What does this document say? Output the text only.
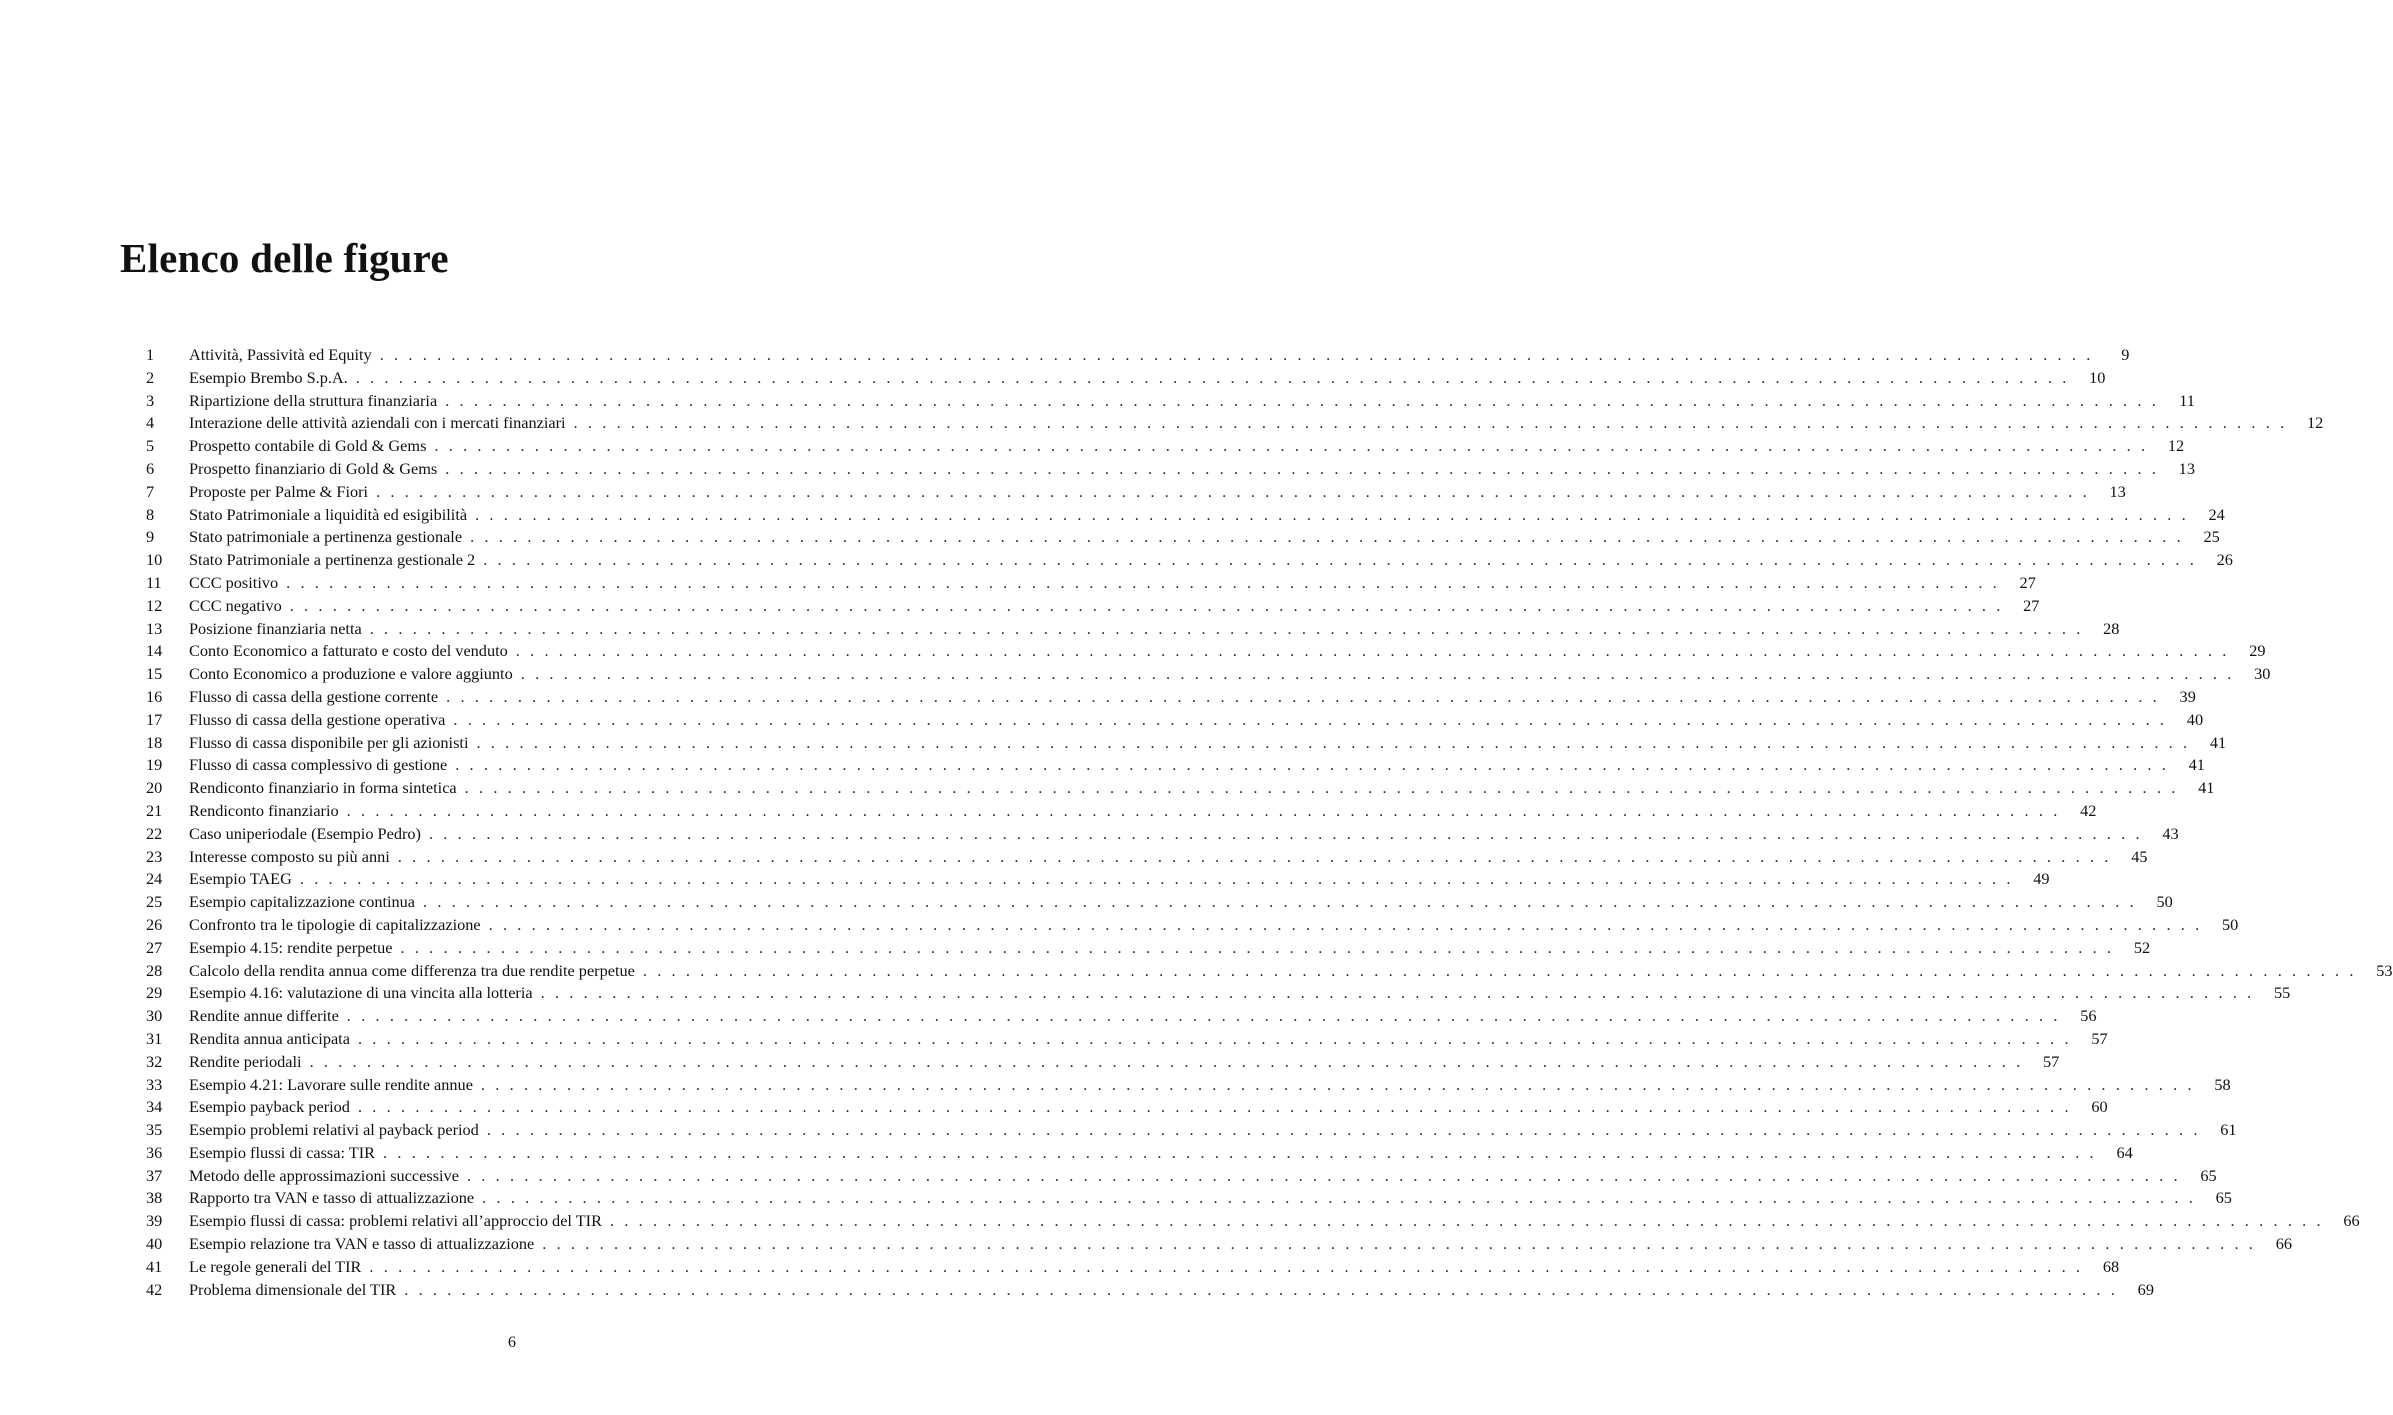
Elenco delle figure
1	Attività, Passività ed Equity . . . . . . . . . . . . . . . . . . . . . . . . . . . . . . . . . . . . . . . . . . . . . . . . . . . . . . . . . . . . . . . . . . . . . . . . . . . . . . . . . . . . . . . . . . . . . . . . . . . . . . . . . . . . . . . . . . . . . . . .	9
2	Esempio Brembo S.p.A. . . . . . . . . . . . . . . . . . . . . . . . . . . . . . . . . . . . . . . . . . . . . . . . . . . . . . . . . . . . . . . . . . . . . . . . . . . . . . . . . . . . . . . . . . . . . . . . . . . . . . . . . . . . . . . . . . . . . . . . .	10
3	Ripartizione della struttura finanziaria . . . . . . . . . . . . . . . . . . . . . . . . . . . . . . . . . . . . . . . . . . . . . . . . . . . . . . . . . . . . . . . . . . . . . . . . . . . . . . . . . . . . . . . . . . . . . . . . . . . . . . . . . . . . . . . . . . . . . . . .	11
4	Interazione delle attività aziendali con i mercati finanziari . . . . . . . . . . . . . . . . . . . . . . . . . . . . . . . . . . . . . . . . . . . . . . . . . . . . . . . . . . . . . . . . . . . . . . . . . . . . . . . . . . . . . . . . . . . . . . . . . . . . . . . . . . . . . . . . . . . . . . . .	12
5	Prospetto contabile di Gold & Gems . . . . . . . . . . . . . . . . . . . . . . . . . . . . . . . . . . . . . . . . . . . . . . . . . . . . . . . . . . . . . . . . . . . . . . . . . . . . . . . . . . . . . . . . . . . . . . . . . . . . . . . . . . . . . . . . . . . . . . . .	12
6	Prospetto finanziario di Gold & Gems . . . . . . . . . . . . . . . . . . . . . . . . . . . . . . . . . . . . . . . . . . . . . . . . . . . . . . . . . . . . . . . . . . . . . . . . . . . . . . . . . . . . . . . . . . . . . . . . . . . . . . . . . . . . . . . . . . . . . . . .	13
7	Proposte per Palme & Fiori . . . . . . . . . . . . . . . . . . . . . . . . . . . . . . . . . . . . . . . . . . . . . . . . . . . . . . . . . . . . . . . . . . . . . . . . . . . . . . . . . . . . . . . . . . . . . . . . . . . . . . . . . . . . . . . . . . . . . . . .	13
8	Stato Patrimoniale a liquidità ed esigibilità . . . . . . . . . . . . . . . . . . . . . . . . . . . . . . . . . . . . . . . . . . . . . . . . . . . . . . . . . . . . . . . . . . . . . . . . . . . . . . . . . . . . . . . . . . . . . . . . . . . . . . . . . . . . . . . . . . . . . . . .	24
9	Stato patrimoniale a pertinenza gestionale . . . . . . . . . . . . . . . . . . . . . . . . . . . . . . . . . . . . . . . . . . . . . . . . . . . . . . . . . . . . . . . . . . . . . . . . . . . . . . . . . . . . . . . . . . . . . . . . . . . . . . . . . . . . . . . . . . . . . . . .	25
10	Stato Patrimoniale a pertinenza gestionale 2 . . . . . . . . . . . . . . . . . . . . . . . . . . . . . . . . . . . . . . . . . . . . . . . . . . . . . . . . . . . . . . . . . . . . . . . . . . . . . . . . . . . . . . . . . . . . . . . . . . . . . . . . . . . . . . . . . . . . . . . .	26
11	CCC positivo . . . . . . . . . . . . . . . . . . . . . . . . . . . . . . . . . . . . . . . . . . . . . . . . . . . . . . . . . . . . . . . . . . . . . . . . . . . . . . . . . . . . . . . . . . . . . . . . . . . . . . . . . . . . . . . . . . . . . . . .	27
12	CCC negativo . . . . . . . . . . . . . . . . . . . . . . . . . . . . . . . . . . . . . . . . . . . . . . . . . . . . . . . . . . . . . . . . . . . . . . . . . . . . . . . . . . . . . . . . . . . . . . . . . . . . . . . . . . . . . . . . . . . . . . . .	27
13	Posizione finanziaria netta . . . . . . . . . . . . . . . . . . . . . . . . . . . . . . . . . . . . . . . . . . . . . . . . . . . . . . . . . . . . . . . . . . . . . . . . . . . . . . . . . . . . . . . . . . . . . . . . . . . . . . . . . . . . . . . . . . . . . . . .	28
14	Conto Economico a fatturato e costo del venduto . . . . . . . . . . . . . . . . . . . . . . . . . . . . . . . . . . . . . . . . . . . . . . . . . . . . . . . . . . . . . . . . . . . . . . . . . . . . . . . . . . . . . . . . . . . . . . . . . . . . . . . . . . . . . . . . . . . . . . . .	29
15	Conto Economico a produzione e valore aggiunto . . . . . . . . . . . . . . . . . . . . . . . . . . . . . . . . . . . . . . . . . . . . . . . . . . . . . . . . . . . . . . . . . . . . . . . . . . . . . . . . . . . . . . . . . . . . . . . . . . . . . . . . . . . . . . . . . . . . . . . .	30
16	Flusso di cassa della gestione corrente . . . . . . . . . . . . . . . . . . . . . . . . . . . . . . . . . . . . . . . . . . . . . . . . . . . . . . . . . . . . . . . . . . . . . . . . . . . . . . . . . . . . . . . . . . . . . . . . . . . . . . . . . . . . . . . . . . . . . . . .	39
17	Flusso di cassa della gestione operativa . . . . . . . . . . . . . . . . . . . . . . . . . . . . . . . . . . . . . . . . . . . . . . . . . . . . . . . . . . . . . . . . . . . . . . . . . . . . . . . . . . . . . . . . . . . . . . . . . . . . . . . . . . . . . . . . . . . . . . . .	40
18	Flusso di cassa disponibile per gli azionisti . . . . . . . . . . . . . . . . . . . . . . . . . . . . . . . . . . . . . . . . . . . . . . . . . . . . . . . . . . . . . . . . . . . . . . . . . . . . . . . . . . . . . . . . . . . . . . . . . . . . . . . . . . . . . . . . . . . . . . . .	41
19	Flusso di cassa complessivo di gestione . . . . . . . . . . . . . . . . . . . . . . . . . . . . . . . . . . . . . . . . . . . . . . . . . . . . . . . . . . . . . . . . . . . . . . . . . . . . . . . . . . . . . . . . . . . . . . . . . . . . . . . . . . . . . . . . . . . . . . . .	41
20	Rendiconto finanziario in forma sintetica . . . . . . . . . . . . . . . . . . . . . . . . . . . . . . . . . . . . . . . . . . . . . . . . . . . . . . . . . . . . . . . . . . . . . . . . . . . . . . . . . . . . . . . . . . . . . . . . . . . . . . . . . . . . . . . . . . . . . . . .	41
21	Rendiconto finanziario . . . . . . . . . . . . . . . . . . . . . . . . . . . . . . . . . . . . . . . . . . . . . . . . . . . . . . . . . . . . . . . . . . . . . . . . . . . . . . . . . . . . . . . . . . . . . . . . . . . . . . . . . . . . . . . . . . . . . . . .	42
22	Caso uniperiodale (Esempio Pedro) . . . . . . . . . . . . . . . . . . . . . . . . . . . . . . . . . . . . . . . . . . . . . . . . . . . . . . . . . . . . . . . . . . . . . . . . . . . . . . . . . . . . . . . . . . . . . . . . . . . . . . . . . . . . . . . . . . . . . . . .	43
23	Interesse composto su più anni . . . . . . . . . . . . . . . . . . . . . . . . . . . . . . . . . . . . . . . . . . . . . . . . . . . . . . . . . . . . . . . . . . . . . . . . . . . . . . . . . . . . . . . . . . . . . . . . . . . . . . . . . . . . . . . . . . . . . . . .	45
24	Esempio TAEG . . . . . . . . . . . . . . . . . . . . . . . . . . . . . . . . . . . . . . . . . . . . . . . . . . . . . . . . . . . . . . . . . . . . . . . . . . . . . . . . . . . . . . . . . . . . . . . . . . . . . . . . . . . . . . . . . . . . . . . .	49
25	Esempio capitalizzazione continua . . . . . . . . . . . . . . . . . . . . . . . . . . . . . . . . . . . . . . . . . . . . . . . . . . . . . . . . . . . . . . . . . . . . . . . . . . . . . . . . . . . . . . . . . . . . . . . . . . . . . . . . . . . . . . . . . . . . . . . .	50
26	Confronto tra le tipologie di capitalizzazione . . . . . . . . . . . . . . . . . . . . . . . . . . . . . . . . . . . . . . . . . . . . . . . . . . . . . . . . . . . . . . . . . . . . . . . . . . . . . . . . . . . . . . . . . . . . . . . . . . . . . . . . . . . . . . . . . . . . . . . .	50
27	Esempio 4.15: rendite perpetue . . . . . . . . . . . . . . . . . . . . . . . . . . . . . . . . . . . . . . . . . . . . . . . . . . . . . . . . . . . . . . . . . . . . . . . . . . . . . . . . . . . . . . . . . . . . . . . . . . . . . . . . . . . . . . . . . . . . . . . .	52
28	Calcolo della rendita annua come differenza tra due rendite perpetue . . . . . . . . . . . . . . . . . . . . . . . . . . . . . . . . . . . . . . . . . . . . . . . . . . . . . . . . . . . . . . . . . . . . . . . . . . . . . . . . . . . . . . . . . . . . . . . . . . . . . . . . . . . . . . . . . . . . . . . .	53
29	Esempio 4.16: valutazione di una vincita alla lotteria . . . . . . . . . . . . . . . . . . . . . . . . . . . . . . . . . . . . . . . . . . . . . . . . . . . . . . . . . . . . . . . . . . . . . . . . . . . . . . . . . . . . . . . . . . . . . . . . . . . . . . . . . . . . . . . . . . . . . . . .	55
30	Rendite annue differite . . . . . . . . . . . . . . . . . . . . . . . . . . . . . . . . . . . . . . . . . . . . . . . . . . . . . . . . . . . . . . . . . . . . . . . . . . . . . . . . . . . . . . . . . . . . . . . . . . . . . . . . . . . . . . . . . . . . . . . .	56
31	Rendita annua anticipata . . . . . . . . . . . . . . . . . . . . . . . . . . . . . . . . . . . . . . . . . . . . . . . . . . . . . . . . . . . . . . . . . . . . . . . . . . . . . . . . . . . . . . . . . . . . . . . . . . . . . . . . . . . . . . . . . . . . . . . .	57
32	Rendite periodali . . . . . . . . . . . . . . . . . . . . . . . . . . . . . . . . . . . . . . . . . . . . . . . . . . . . . . . . . . . . . . . . . . . . . . . . . . . . . . . . . . . . . . . . . . . . . . . . . . . . . . . . . . . . . . . . . . . . . . . .	57
33	Esempio 4.21: Lavorare sulle rendite annue . . . . . . . . . . . . . . . . . . . . . . . . . . . . . . . . . . . . . . . . . . . . . . . . . . . . . . . . . . . . . . . . . . . . . . . . . . . . . . . . . . . . . . . . . . . . . . . . . . . . . . . . . . . . . . . . . . . . . . . .	58
34	Esempio payback period . . . . . . . . . . . . . . . . . . . . . . . . . . . . . . . . . . . . . . . . . . . . . . . . . . . . . . . . . . . . . . . . . . . . . . . . . . . . . . . . . . . . . . . . . . . . . . . . . . . . . . . . . . . . . . . . . . . . . . . .	60
35	Esempio problemi relativi al payback period . . . . . . . . . . . . . . . . . . . . . . . . . . . . . . . . . . . . . . . . . . . . . . . . . . . . . . . . . . . . . . . . . . . . . . . . . . . . . . . . . . . . . . . . . . . . . . . . . . . . . . . . . . . . . . . . . . . . . . . .	61
36	Esempio flussi di cassa: TIR . . . . . . . . . . . . . . . . . . . . . . . . . . . . . . . . . . . . . . . . . . . . . . . . . . . . . . . . . . . . . . . . . . . . . . . . . . . . . . . . . . . . . . . . . . . . . . . . . . . . . . . . . . . . . . . . . . . . . . . .	64
37	Metodo delle approssimazioni successive . . . . . . . . . . . . . . . . . . . . . . . . . . . . . . . . . . . . . . . . . . . . . . . . . . . . . . . . . . . . . . . . . . . . . . . . . . . . . . . . . . . . . . . . . . . . . . . . . . . . . . . . . . . . . . . . . . . . . . . .	65
38	Rapporto tra VAN e tasso di attualizzazione . . . . . . . . . . . . . . . . . . . . . . . . . . . . . . . . . . . . . . . . . . . . . . . . . . . . . . . . . . . . . . . . . . . . . . . . . . . . . . . . . . . . . . . . . . . . . . . . . . . . . . . . . . . . . . . . . . . . . . . .	65
39	Esempio flussi di cassa: problemi relativi all’approccio del TIR . . . . . . . . . . . . . . . . . . . . . . . . . . . . . . . . . . . . . . . . . . . . . . . . . . . . . . . . . . . . . . . . . . . . . . . . . . . . . . . . . . . . . . . . . . . . . . . . . . . . . . . . . . . . . . . . . . . . . . . .	66
40	Esempio relazione tra VAN e tasso di attualizzazione . . . . . . . . . . . . . . . . . . . . . . . . . . . . . . . . . . . . . . . . . . . . . . . . . . . . . . . . . . . . . . . . . . . . . . . . . . . . . . . . . . . . . . . . . . . . . . . . . . . . . . . . . . . . . . . . . . . . . . . .	66
41	Le regole generali del TIR . . . . . . . . . . . . . . . . . . . . . . . . . . . . . . . . . . . . . . . . . . . . . . . . . . . . . . . . . . . . . . . . . . . . . . . . . . . . . . . . . . . . . . . . . . . . . . . . . . . . . . . . . . . . . . . . . . . . . . . .	68
42	Problema dimensionale del TIR . . . . . . . . . . . . . . . . . . . . . . . . . . . . . . . . . . . . . . . . . . . . . . . . . . . . . . . . . . . . . . . . . . . . . . . . . . . . . . . . . . . . . . . . . . . . . . . . . . . . . . . . . . . . . . . . . . . . . . . .	69
6
